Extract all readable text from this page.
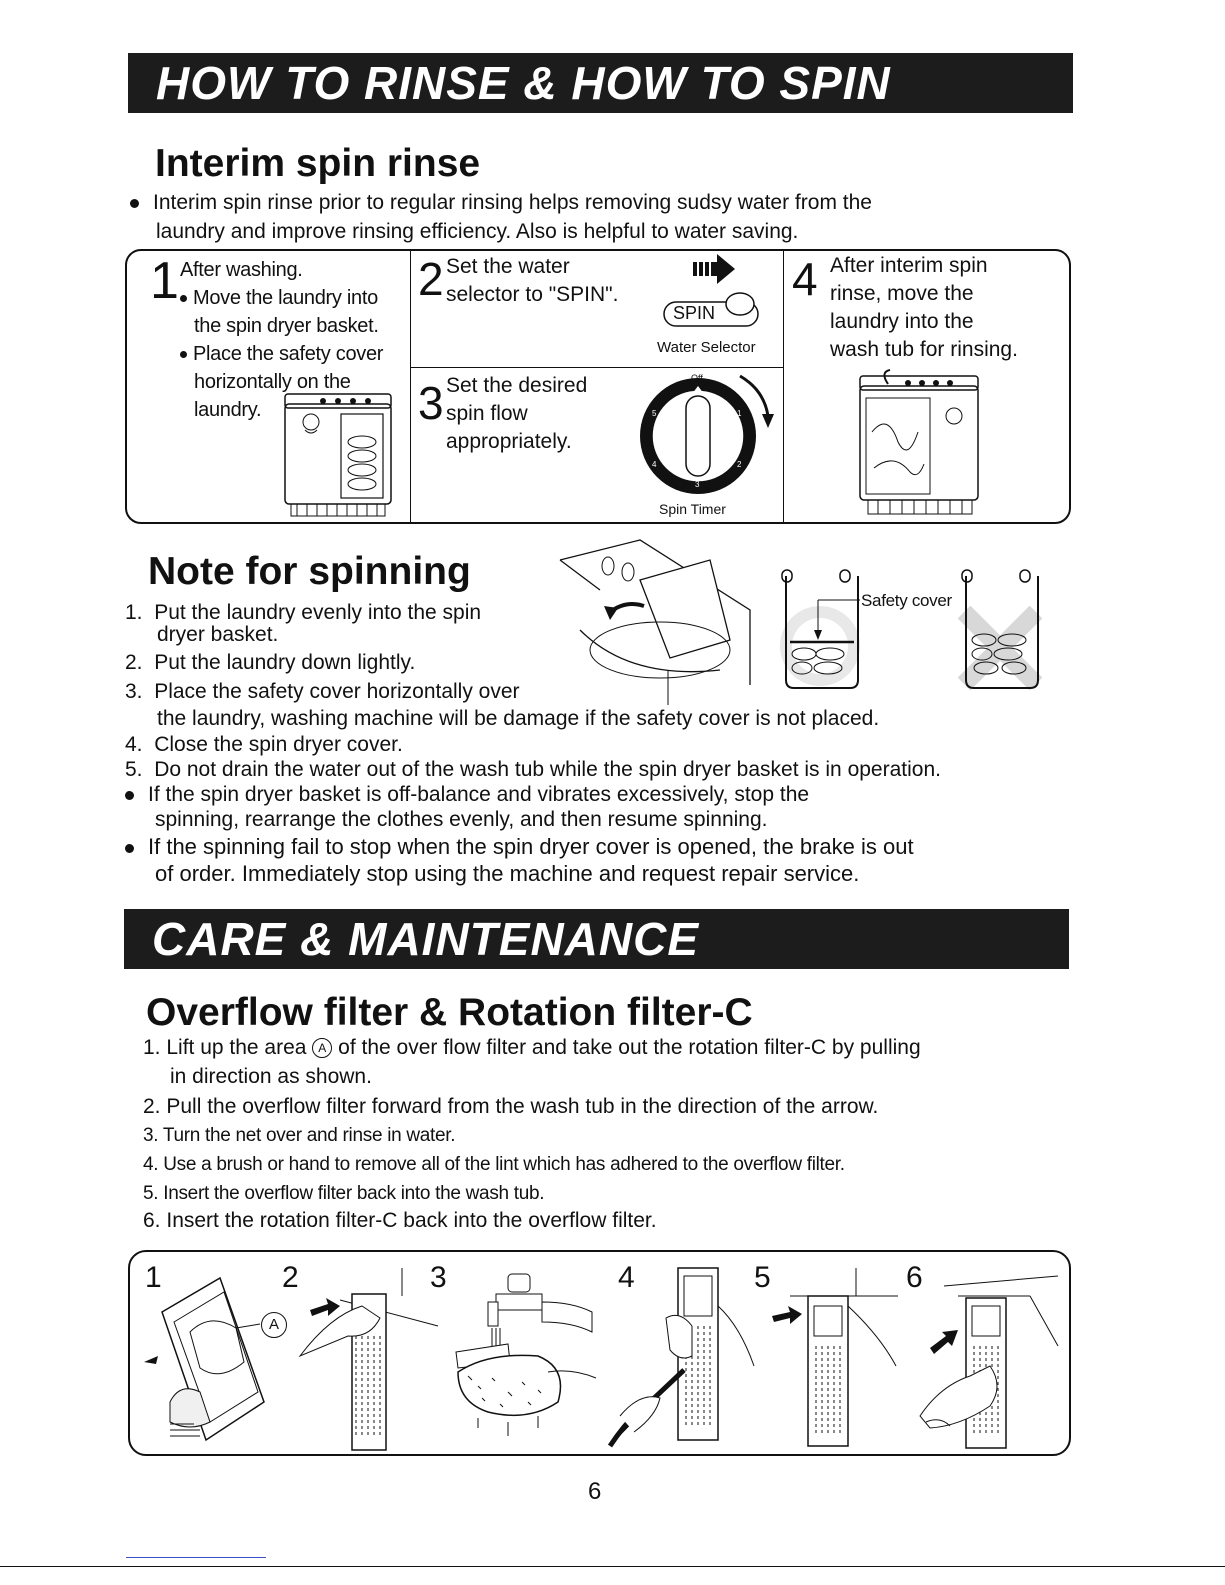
HOW TO RINSE & HOW TO SPIN
Interim spin rinse
Interim spin rinse prior to regular rinsing helps removing sudsy water from the
laundry and improve rinsing efficiency. Also is helpful to water saving.
1 After washing.
Move the laundry into
the spin dryer basket.
Place the safety cover
horizontally on the
laundry.
2 Set the water
selector to "SPIN".
SPIN
Water Selector
3 Set the desired
spin flow
appropriately.
Off
1
2
3
4
5
Spin Timer
4 After interim spin
rinse, move the
laundry into the
wash tub for rinsing.
Note for spinning
Safety cover
1. Put the laundry evenly into the spin
dryer basket.
2. Put the laundry down lightly.
3. Place the safety cover horizontally over
the laundry, washing machine will be damage if the safety cover is not placed.
4. Close the spin dryer cover.
5. Do not drain the water out of the wash tub while the spin dryer basket is in operation.
If the spin dryer basket is off-balance and vibrates excessively, stop the
spinning, rearrange the clothes evenly, and then resume spinning.
If the spinning fail to stop when the spin dryer cover is opened, the brake is out
of order. Immediately stop using the machine and request repair service.
CARE & MAINTENANCE
Overflow filter & Rotation filter-C
1. Lift up the area A of the over flow filter and take out the rotation filter-C by pulling
in direction as shown.
2. Pull the overflow filter forward from the wash tub in the direction of the arrow.
3. Turn the net over and rinse in water.
4. Use a brush or hand to remove all of the lint which has adhered to the overflow filter.
5. Insert the overflow filter back into the wash tub.
6. Insert the rotation filter-C back into the overflow filter.
1	2	3	4	5	6
A
6
